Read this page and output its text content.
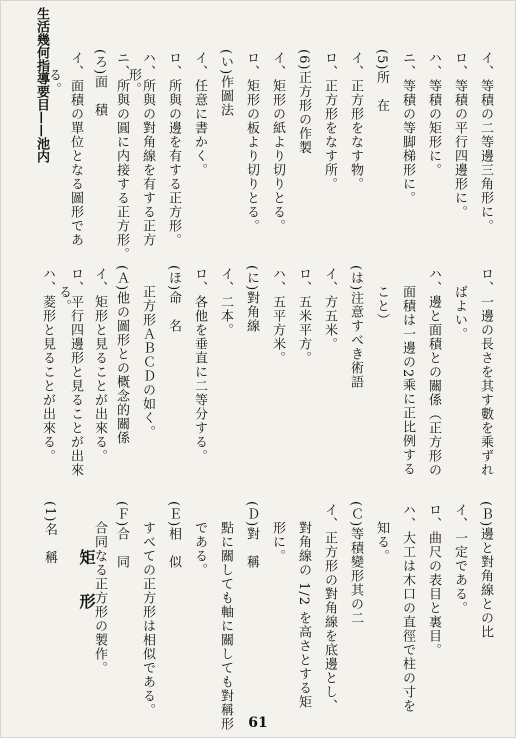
生活幾何指導要目——池内	イ、等積の二等邊三角形に。
ロ、等積の平行四邊形に。
ハ、等積の矩形に。
ニ、等積の等脚梯形に。
(5)所　在
イ、正方形をなす物。
ロ、正方形をなす所。
(6)正方形の作製
イ、矩形の紙より切りとる。
ロ、矩形の板より切りとる。
(い)作圖法
イ、任意に書かく。
ロ、所與の邊を有する正方形。
ハ、所與の對角線を有する正方
形。
ニ、所與の圓に内接する正方形。
(ろ)面　積
イ、面積の單位となる圖形であ
る。
ロ、一邊の長さを其す數を乘ずれ
ばよい。
ハ、邊と面積との關係（正方形の
面積は一邊の2乘に正比例する
こと）
(は)注意すべき術語
イ、方五米。
ロ、五米平方。
ハ、五平方米。
(に)對角線
イ、二本。
ロ、各他を垂直に二等分する。
(ほ)命　名
正方形ＡＢＣＤの如く。
(Ａ)他の圖形との概念的關係
イ、矩形と見ることが出來る。
ロ、平行四邊形と見ることが出來
る。
ハ、菱形と見ることが出來る。
(Ｂ)邊と對角線との比
イ、一定である。
ロ、曲尺の表目と裏目。
ハ、大工は木口の直徑で柱の寸を
知る。
(Ｃ)等積變形其の二
イ、正方形の對角線を底邊とし、
對角線の 1/2 を高さとする矩
形に。
(Ｄ)對　稱
點に關しても軸に關しても對稱形
である。
(Ｅ)相　似
すべての正方形は相似である。
(Ｆ)合　同
合同なる正方形の製作。
矩形
(1)名　稱
61
